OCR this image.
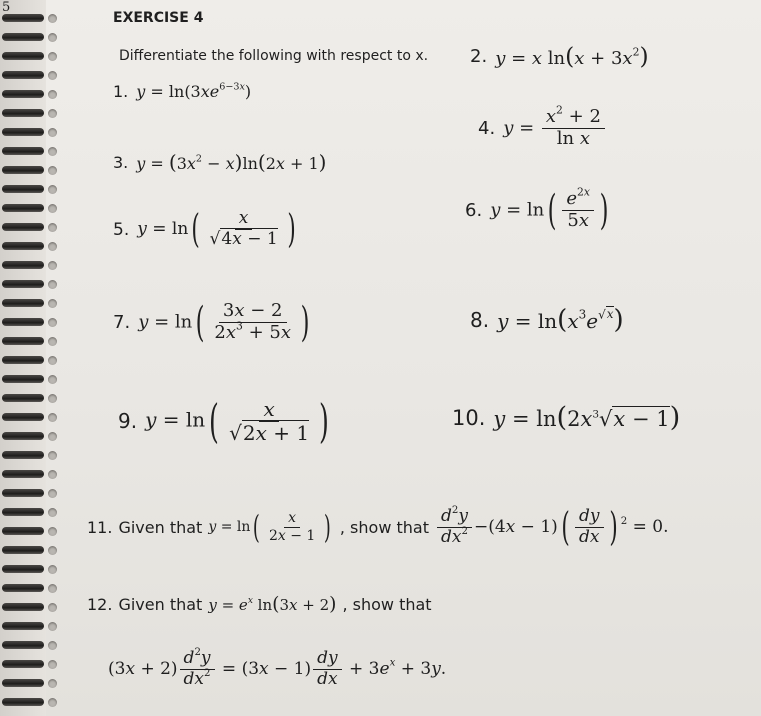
5
EXERCISE 4
Differentiate the following with respect to x.
1. $y = \ln(3xe^{6-3x})$
2. y = x $\ln(x + 3x^2)$
3. $y = (3x^2 - x)\ln(2x + 1)$
4. $y = \frac{x^2 + 2}{\text{ln x}}$
5. $y = \ln( \frac{x}{√4x - 1}$ )	6. $y = \ln( \frac{e^{2x}}{5x}$ )
7. $y = \ln( \frac{3x - 2}{2x^3 + 5x}$ )	8. $y = \ln(x^3e^{√x})$
9. $y = \ln( \frac{x}{√2x + 1}$ )	10. $y = \ln(2x^3√x - 1)$
11. Given that $y = \ln( \frac{x}{2x - 1}$ ) , show that $\frac{d^2y}{dx^2} -(4x - 1)( \frac{dy}{dx}$ ) $^2$ = 0.
12. Given that $y = e^x$ ln(3x + 2) , show that
$(3x + 2) \frac{d^2y}{dx^2} = (3x - 1) \frac{dy}{dx} + 3e^x + 3y$.
